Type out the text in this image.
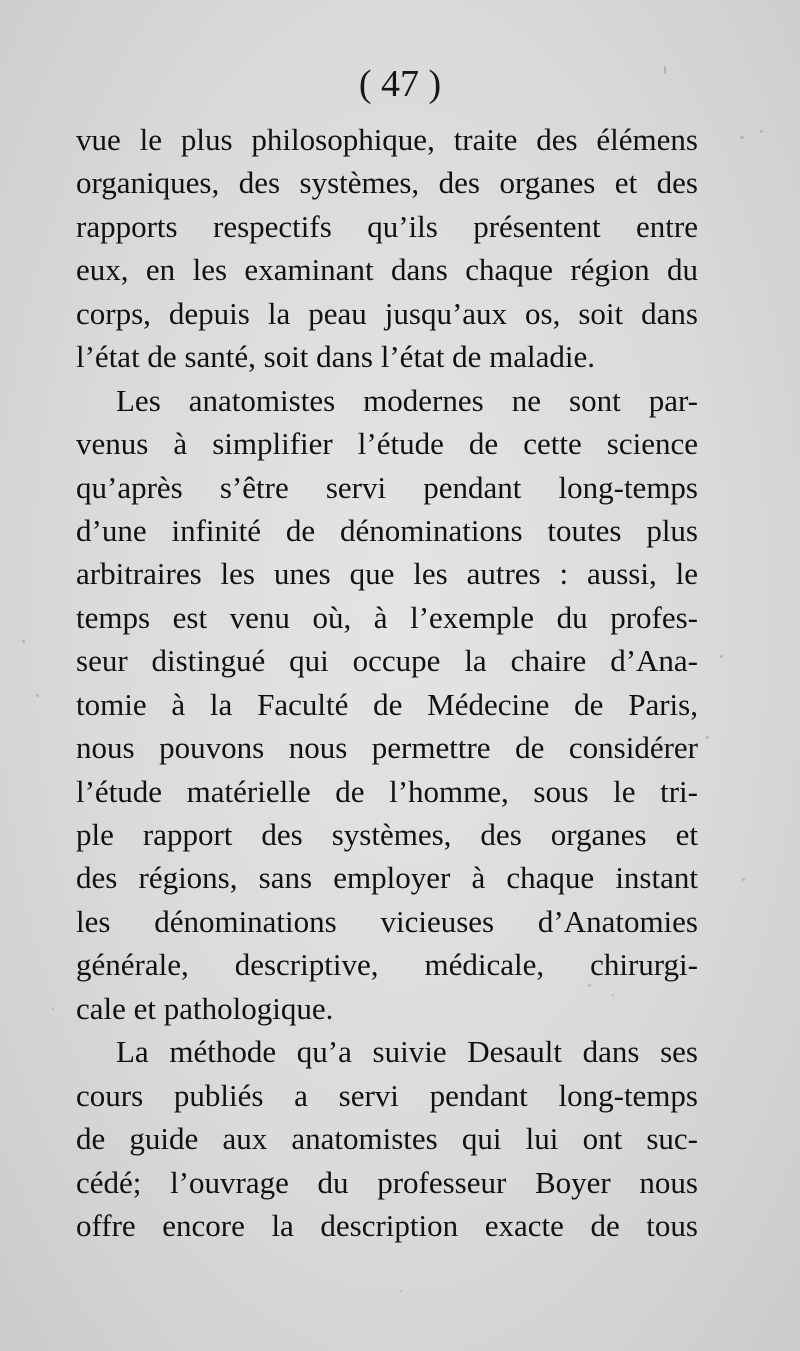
( 47 )
vue le plus philosophique, traite des élémens
organiques, des systèmes, des organes et des
rapports respectifs qu’ils présentent entre
eux, en les examinant dans chaque région du
corps, depuis la peau jusqu’aux os, soit dans
l’état de santé, soit dans l’état de maladie.
Les anatomistes modernes ne sont par-
venus à simplifier l’étude de cette science
qu’après s’être servi pendant long-temps
d’une infinité de dénominations toutes plus
arbitraires les unes que les autres : aussi, le
temps est venu où, à l’exemple du profes-
seur distingué qui occupe la chaire d’Ana-
tomie à la Faculté de Médecine de Paris,
nous pouvons nous permettre de considérer
l’étude matérielle de l’homme, sous le tri-
ple rapport des systèmes, des organes et
des régions, sans employer à chaque instant
les dénominations vicieuses d’Anatomies
générale, descriptive, médicale, chirurgi-
cale et pathologique.
La méthode qu’a suivie Desault dans ses
cours publiés a servi pendant long-temps
de guide aux anatomistes qui lui ont suc-
cédé; l’ouvrage du professeur Boyer nous
offre encore la description exacte de tous
